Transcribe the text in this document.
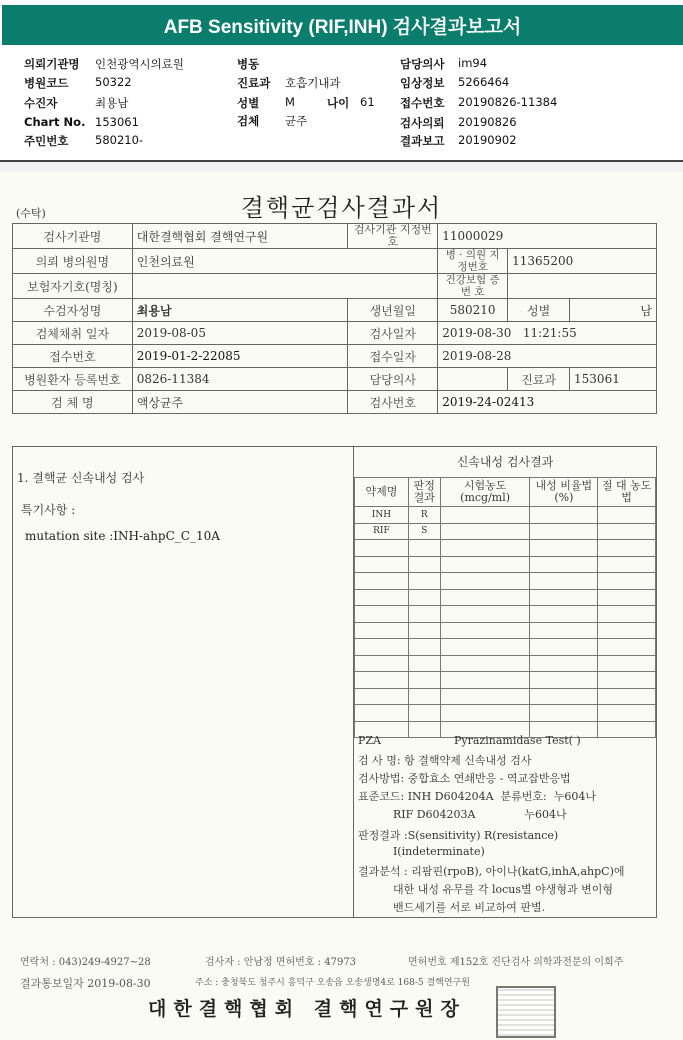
AFB Sensitivity (RIF,INH) 검사결과보고서
의뢰기관명 인천광역시의료원
병원코드 50322
수진자	최용남
Chart No. 153061
주민번호 580210-
병동
진료과 호흡기내과
성별 M	나이 61
검체 균주
담당의사 im94
임상정보 5266464
접수번호 20190826-11384
검사의뢰 20190826
결과보고 20190902
(수탁)	결핵균검사결과서
검사기관명	대한결핵협회 결핵연구원	검사기관 지정번호	11000029		
의뢰 병의원명	인천의료원		병 · 의원 지정번호	11365200	
보험자기호(명칭)			건강보험 증 번 호		
수검자성명	최용남	생년월일	580210	성별	남
검체채취 일자	2019-08-05	검사일자	2019-08-30 11:21:55		
접수번호	2019-01-2-22085	접수일자	2019-08-28		
병원환자 등록번호	0826-11384	담당의사		진료과	153061
검 체 명	액상균주	검사번호	2019-24-02413		
1. 결핵균 신속내성 검사
특기사항 :
mutation site :INH-ahpC_C_10A
신속내성 검사결과
약제명	판정 결과	시험농도 (mcg/ml)	내성 비율법(%)	절 대 농도법
INH	R			
RIF	S			

PZA	Pyrazinamidase Test( )
검 사 명: 항 결핵약제 신속내성 검사
검사방법: 중합효소 연쇄반응 - 역교잡반응법
표준코드: INH D604204A  분류번호:  누604나
RIF D604203A              누604나
판정결과 :S(sensitivity) R(resistance)
I(indeterminate)
결과분석 : 리팜핀(rpoB), 아이나(katG,inhA,ahpC)에
대한 내성 유무를 각 locus별 야생형과 변이형
밴드세기를 서로 비교하여 판별.
연락처 : 043)249-4927~28	검사자 : 안남정 면허번호 : 47973	면허번호 제152호 진단검사 의학과전문의 이희주
결과통보일자 2019-08-30	주소 : 충청북도 청주시 흥덕구 오송읍 오송생명4로 168-5 결핵연구원
대한결핵협회 결핵연구원장
